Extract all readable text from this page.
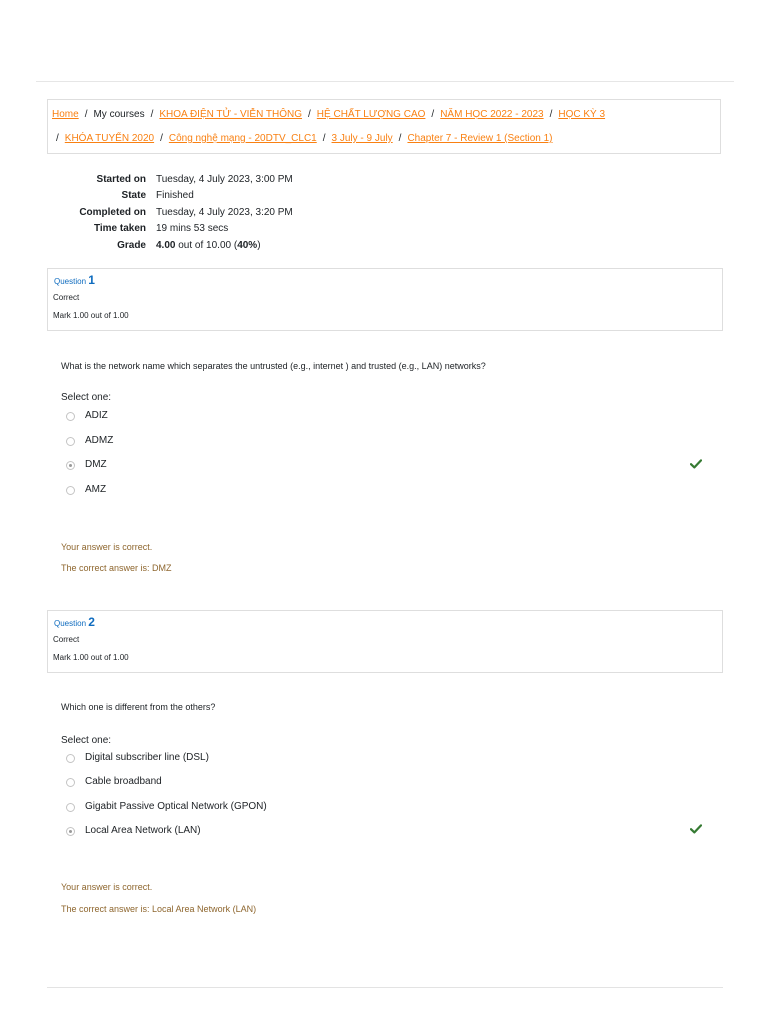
Home / My courses / KHOA ĐIỆN TỬ - VIỄN THÔNG / HỆ CHẤT LƯỢNG CAO / NĂM HỌC 2022 - 2023 / HỌC KỲ 3
/ KHÓA TUYỂN 2020 / Công nghệ mạng - 20DTV_CLC1 / 3 July - 9 July / Chapter 7 - Review 1 (Section 1)
Started on Tuesday, 4 July 2023, 3:00 PM
State Finished
Completed on Tuesday, 4 July 2023, 3:20 PM
Time taken 19 mins 53 secs
Grade 4.00 out of 10.00 (40%)
Question 1
Correct
Mark 1.00 out of 1.00
What is the network name which separates the untrusted (e.g., internet ) and trusted (e.g., LAN) networks?
Select one:
ADIZ
ADMZ
DMZ
AMZ
Your answer is correct.
The correct answer is: DMZ
Question 2
Correct
Mark 1.00 out of 1.00
Which one is different from the others?
Select one:
Digital subscriber line (DSL)
Cable broadband
Gigabit Passive Optical Network (GPON)
Local Area Network (LAN)
Your answer is correct.
The correct answer is: Local Area Network (LAN)
